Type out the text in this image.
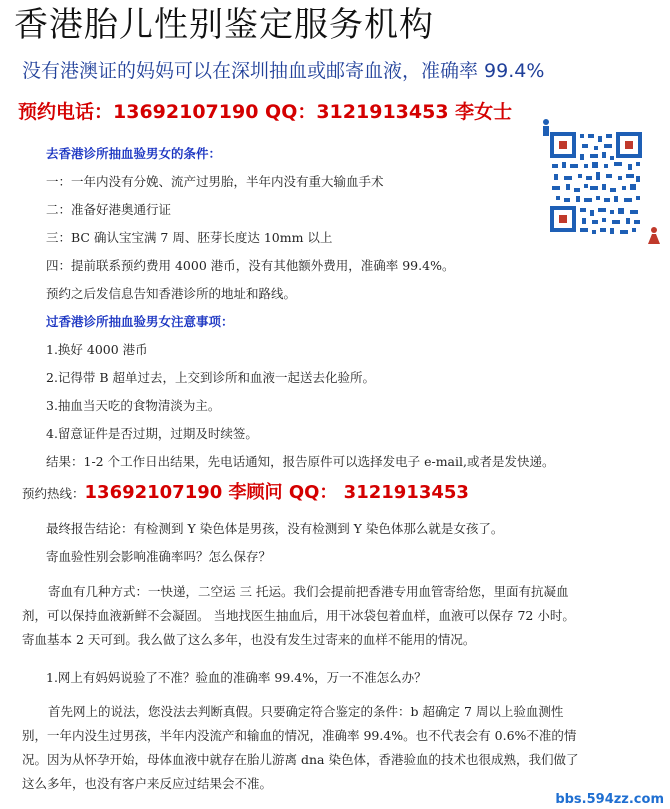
香港胎儿性别鉴定服务机构
没有港澳证的妈妈可以在深圳抽血或邮寄血液，准确率 99.4%
预约电话：13692107190 QQ：3121913453 李女士
去香港诊所抽血验男女的条件：
一：一年内没有分娩、流产过男胎，半年内没有重大输血手术
二：准备好港奥通行证
三：BC 确认宝宝满 7 周、胚芽长度达 10mm 以上
四：提前联系预约费用 4000 港币，没有其他额外费用，准确率 99.4%。
预约之后发信息告知香港诊所的地址和路线。
过香港诊所抽血验男女注意事项：
1.换好 4000 港币
2.记得带 B 超单过去，上交到诊所和血液一起送去化验所。
3.抽血当天吃的食物清淡为主。
4.留意证件是否过期，过期及时续签。
结果：1-2 个工作日出结果，先电话通知，报告原件可以选择发电子 e-mail,或者是发快递。
预约热线：13692107190 李顾问 QQ： 3121913453
最终报告结论：有检测到 Y 染色体是男孩，没有检测到 Y 染色体那么就是女孩了。
寄血验性别会影响准确率吗？怎么保存？
寄血有几种方式：一快递，二空运 三 托运。我们会提前把香港专用血管寄给您，里面有抗凝血剂，可以保持血液新鲜不会凝固。 当地找医生抽血后，用干冰袋包着血样，血液可以保存 72 小时。寄血基本 2 天可到。我么做了这么多年，也没有发生过寄来的血样不能用的情况。
1.网上有妈妈说验了不准？验血的准确率 99.4%，万一不准怎么办？
首先网上的说法，您没法去判断真假。只要确定符合鉴定的条件：b 超确定 7 周以上验血测性别，一年内没生过男孩，半年内没流产和输血的情况，准确率 99.4%。也不代表会有 0.6%不准的情况。因为从怀孕开始，母体血液中就存在胎儿游离 dna 染色体，香港验血的技术也很成熟，我们做了这么多年，也没有客户来反应过结果会不准。
bbs.594zz.com
